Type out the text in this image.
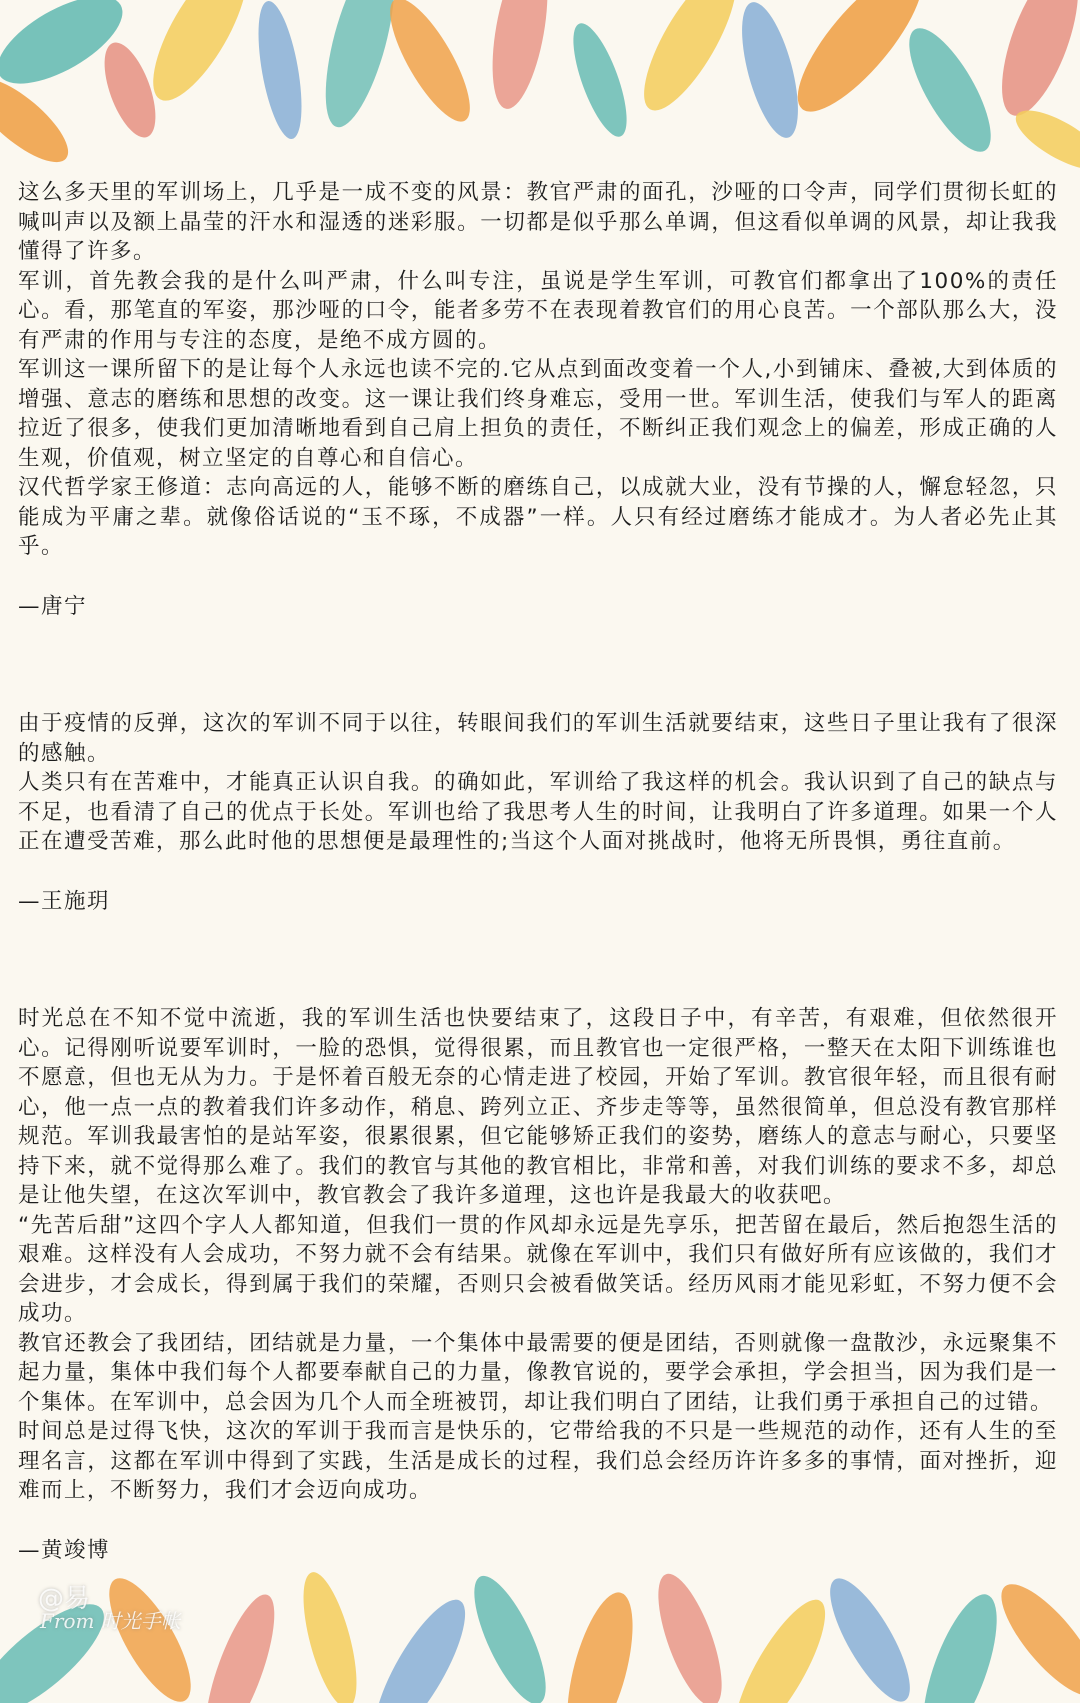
这么多天里的军训场上，几乎是一成不变的风景：教官严肃的面孔，沙哑的口令声，同学们贯彻长虹的喊叫声以及额上晶莹的汗水和湿透的迷彩服。一切都是似乎那么单调，但这看似单调的风景，却让我我懂得了许多。

军训，首先教会我的是什么叫严肃，什么叫专注，虽说是学生军训，可教官们都拿出了100%的责任心。看，那笔直的军姿，那沙哑的口令，能者多劳不在表现着教官们的用心良苦。一个部队那么大，没有严肃的作用与专注的态度，是绝不成方圆的。

军训这一课所留下的是让每个人永远也读不完的.它从点到面改变着一个人,小到铺床、叠被,大到体质的增强、意志的磨练和思想的改变。这一课让我们终身难忘，受用一世。军训生活，使我们与军人的距离拉近了很多，使我们更加清晰地看到自己肩上担负的责任，不断纠正我们观念上的偏差，形成正确的人生观，价值观，树立坚定的自尊心和自信心。

汉代哲学家王修道：志向高远的人，能够不断的磨练自己，以成就大业，没有节操的人，懈怠轻忽，只能成为平庸之辈。就像俗话说的“玉不琢，不成器”一样。人只有经过磨练才能成才。为人者必先止其乎。

—唐宁

由于疫情的反弹，这次的军训不同于以往，转眼间我们的军训生活就要结束，这些日子里让我有了很深的感触。

人类只有在苦难中，才能真正认识自我。的确如此，军训给了我这样的机会。我认识到了自己的缺点与不足，也看清了自己的优点于长处。军训也给了我思考人生的时间，让我明白了许多道理。如果一个人正在遭受苦难，那么此时他的思想便是最理性的;当这个人面对挑战时，他将无所畏惧，勇往直前。

—王施玥

时光总在不知不觉中流逝，我的军训生活也快要结束了，这段日子中，有辛苦，有艰难，但依然很开心。记得刚听说要军训时，一脸的恐惧，觉得很累，而且教官也一定很严格，一整天在太阳下训练谁也不愿意，但也无从为力。于是怀着百般无奈的心情走进了校园，开始了军训。教官很年轻，而且很有耐心，他一点一点的教着我们许多动作，稍息、跨列立正、齐步走等等，虽然很简单，但总没有教官那样规范。军训我最害怕的是站军姿，很累很累，但它能够矫正我们的姿势，磨练人的意志与耐心，只要坚持下来，就不觉得那么难了。我们的教官与其他的教官相比，非常和善，对我们训练的要求不多，却总是让他失望，在这次军训中，教官教会了我许多道理，这也许是我最大的收获吧。

“先苦后甜”这四个字人人都知道，但我们一贯的作风却永远是先享乐，把苦留在最后，然后抱怨生活的艰难。这样没有人会成功，不努力就不会有结果。就像在军训中，我们只有做好所有应该做的，我们才会进步，才会成长，得到属于我们的荣耀，否则只会被看做笑话。经历风雨才能见彩虹，不努力便不会成功。

教官还教会了我团结，团结就是力量，一个集体中最需要的便是团结，否则就像一盘散沙，永远聚集不起力量，集体中我们每个人都要奉献自己的力量，像教官说的，要学会承担，学会担当，因为我们是一个集体。在军训中，总会因为几个人而全班被罚，却让我们明白了团结，让我们勇于承担自己的过错。

时间总是过得飞快，这次的军训于我而言是快乐的，它带给我的不只是一些规范的动作，还有人生的至理名言，这都在军训中得到了实践，生活是成长的过程，我们总会经历许许多多的事情，面对挫折，迎难而上，不断努力，我们才会迈向成功。

—黄竣博

@易
From 时光手帐
